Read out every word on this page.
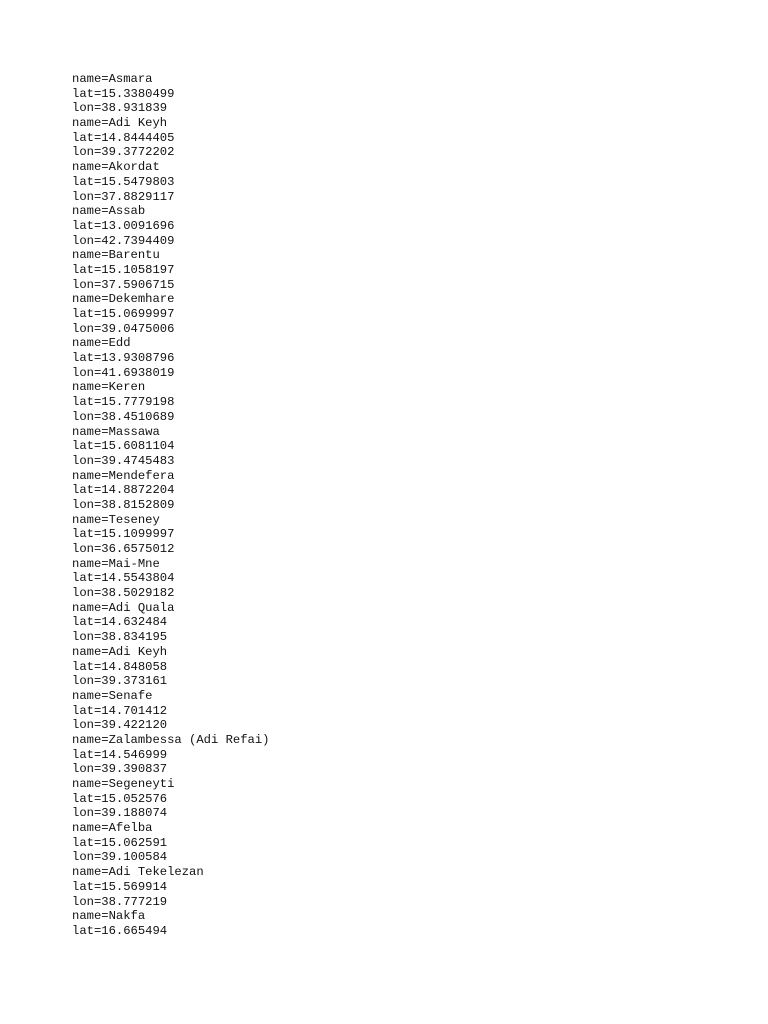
name=Asmara
lat=15.3380499
lon=38.931839
name=Adi Keyh
lat=14.8444405
lon=39.3772202
name=Akordat
lat=15.5479803
lon=37.8829117
name=Assab
lat=13.0091696
lon=42.7394409
name=Barentu
lat=15.1058197
lon=37.5906715
name=Dekemhare
lat=15.0699997
lon=39.0475006
name=Edd
lat=13.9308796
lon=41.6938019
name=Keren
lat=15.7779198
lon=38.4510689
name=Massawa
lat=15.6081104
lon=39.4745483
name=Mendefera
lat=14.8872204
lon=38.8152809
name=Teseney
lat=15.1099997
lon=36.6575012
name=Mai-Mne
lat=14.5543804
lon=38.5029182
name=Adi Quala
lat=14.632484
lon=38.834195
name=Adi Keyh
lat=14.848058
lon=39.373161
name=Senafe
lat=14.701412
lon=39.422120
name=Zalambessa (Adi Refai)
lat=14.546999
lon=39.390837
name=Segeneyti
lat=15.052576
lon=39.188074
name=Afelba
lat=15.062591
lon=39.100584
name=Adi Tekelezan
lat=15.569914
lon=38.777219
name=Nakfa
lat=16.665494
